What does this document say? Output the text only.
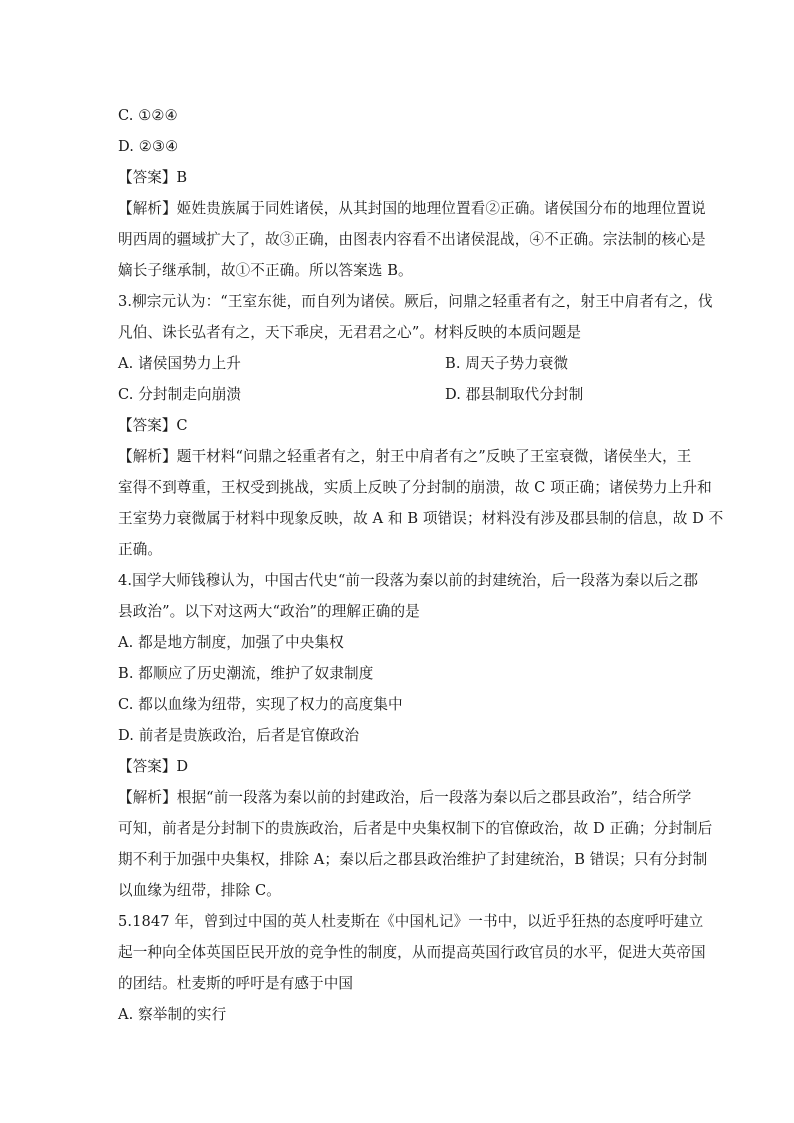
C. ①②④
D. ②③④
【答案】B
【解析】姬姓贵族属于同姓诸侯，从其封国的地理位置看②正确。诸侯国分布的地理位置说
明西周的疆域扩大了，故③正确，由图表内容看不出诸侯混战，④不正确。宗法制的核心是
嫡长子继承制，故①不正确。所以答案选 B。
3.柳宗元认为：“王室东徙，而自列为诸侯。厥后，问鼎之轻重者有之，射王中肩者有之，伐
凡伯、诛长弘者有之，天下乖戾，无君君之心”。材料反映的本质问题是
A. 诸侯国势力上升	B. 周天子势力衰微
C. 分封制走向崩溃	D. 郡县制取代分封制
【答案】C
【解析】题干材料“问鼎之轻重者有之，射王中肩者有之”反映了王室衰微，诸侯坐大，王
室得不到尊重，王权受到挑战，实质上反映了分封制的崩溃，故 C 项正确；诸侯势力上升和
王室势力衰微属于材料中现象反映，故 A 和 B 项错误；材料没有涉及郡县制的信息，故 D 不
正确。
4.国学大师钱穆认为，中国古代史“前一段落为秦以前的封建统治，后一段落为秦以后之郡
县政治”。以下对这两大“政治”的理解正确的是
A. 都是地方制度，加强了中央集权
B. 都顺应了历史潮流，维护了奴隶制度
C. 都以血缘为纽带，实现了权力的高度集中
D. 前者是贵族政治，后者是官僚政治
【答案】D
【解析】根据“前一段落为秦以前的封建政治，后一段落为秦以后之郡县政治”，结合所学
可知，前者是分封制下的贵族政治，后者是中央集权制下的官僚政治，故 D 正确；分封制后
期不利于加强中央集权，排除 A；秦以后之郡县政治维护了封建统治，B 错误；只有分封制
以血缘为纽带，排除 C。
5.1847 年，曾到过中国的英人杜麦斯在《中国札记》一书中，以近乎狂热的态度呼吁建立
起一种向全体英国臣民开放的竞争性的制度，从而提高英国行政官员的水平，促进大英帝国
的团结。杜麦斯的呼吁是有感于中国
A. 察举制的实行
